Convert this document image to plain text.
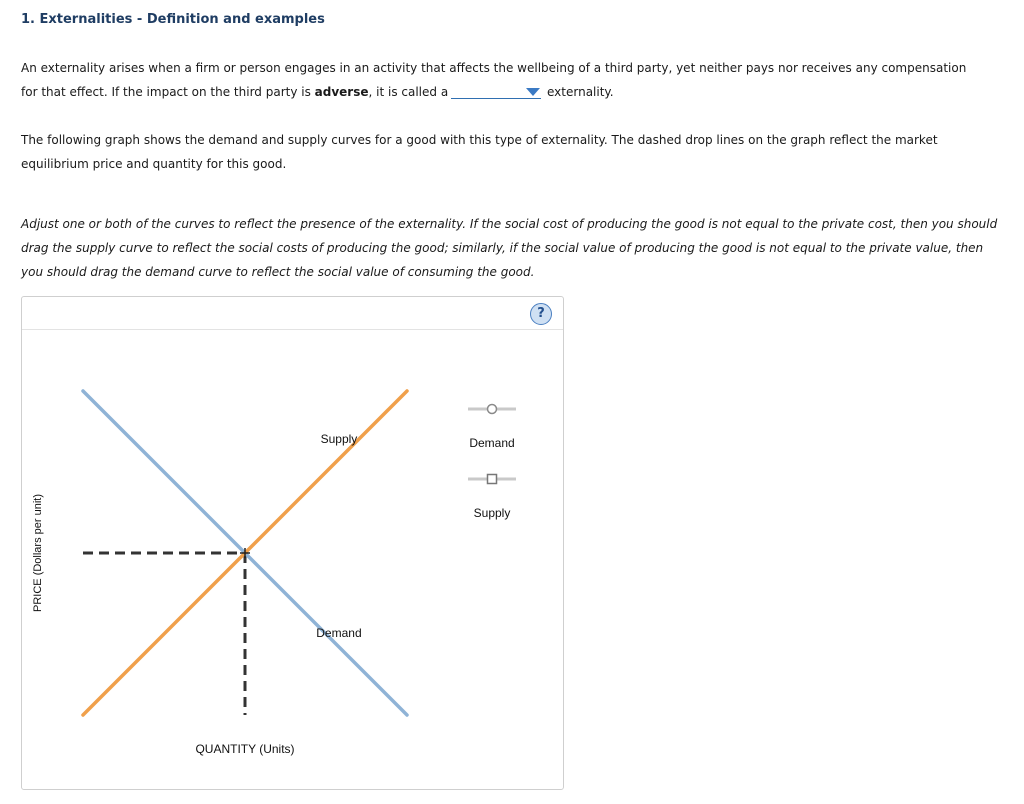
1. Externalities - Definition and examples

An externality arises when a firm or person engages in an activity that affects the wellbeing of a third party, yet neither pays nor receives any compensation for that effect. If the impact on the third party is adverse, it is called a	externality.

The following graph shows the demand and supply curves for a good with this type of externality. The dashed drop lines on the graph reflect the market equilibrium price and quantity for this good.

Adjust one or both of the curves to reflect the presence of the externality. If the social cost of producing the good is not equal to the private cost, then you should drag the supply curve to reflect the social costs of producing the good; similarly, if the social value of producing the good is not equal to the private value, then you should drag the demand curve to reflect the social value of consuming the good.

?
Supply
Demand
Demand
Supply
PRICE (Dollars per unit)
QUANTITY (Units)
